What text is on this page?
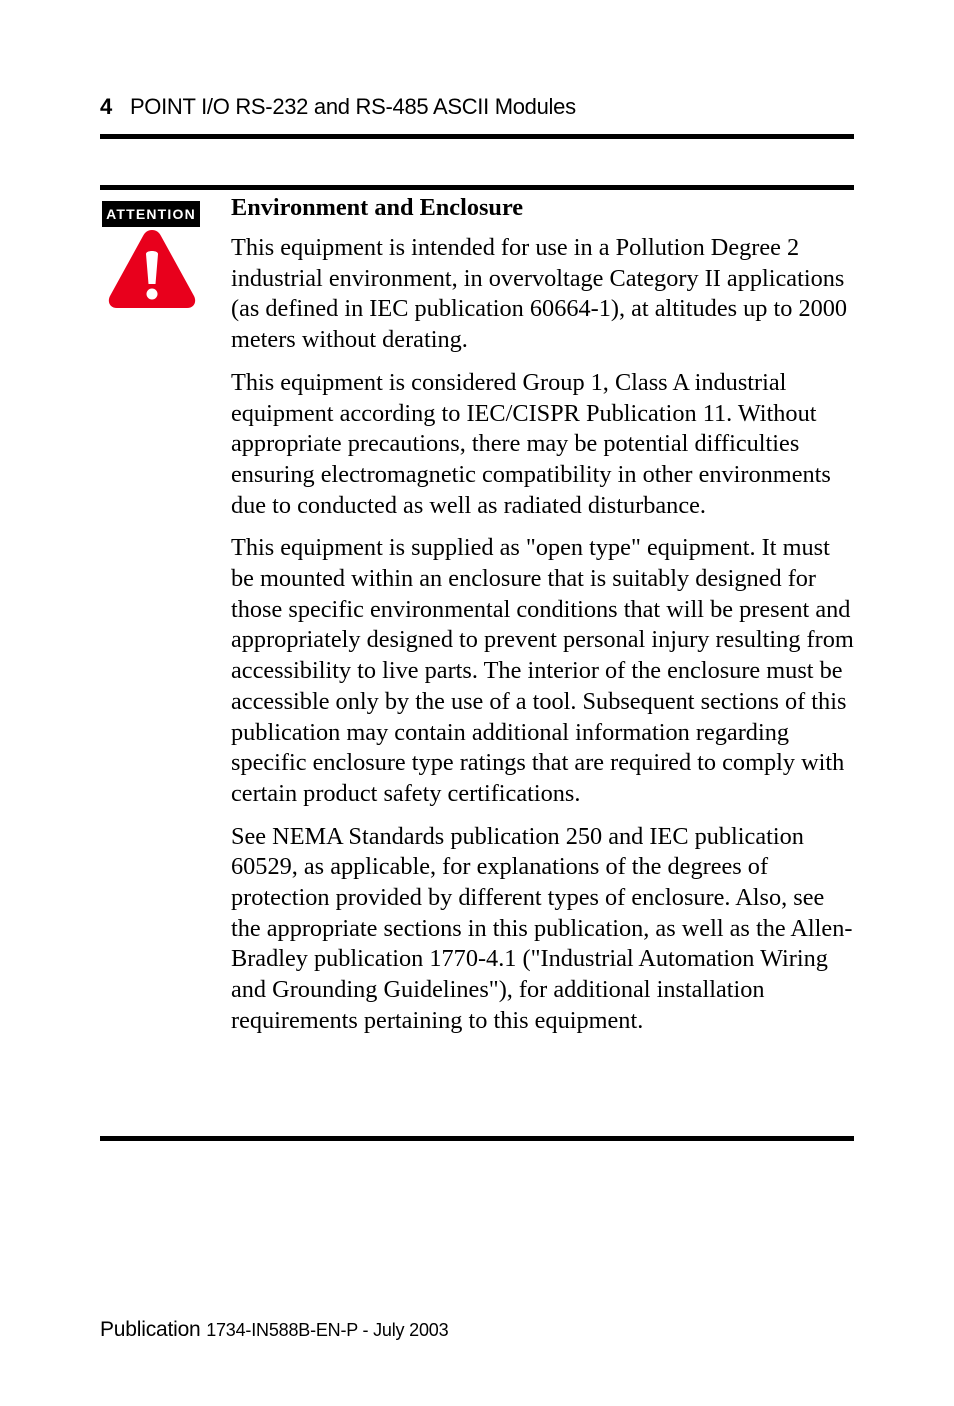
4 POINT I/O RS-232 and RS-485 ASCII Modules
ATTENTION Environment and Enclosure

This equipment is intended for use in a Pollution Degree 2 industrial environment, in overvoltage Category II applications (as defined in IEC publication 60664-1), at altitudes up to 2000 meters without derating.

This equipment is considered Group 1, Class A industrial equipment according to IEC/CISPR Publication 11. Without appropriate precautions, there may be potential difficulties ensuring electromagnetic compatibility in other environments due to conducted as well as radiated disturbance.

This equipment is supplied as "open type" equipment. It must be mounted within an enclosure that is suitably designed for those specific environmental conditions that will be present and appropriately designed to prevent personal injury resulting from accessibility to live parts. The interior of the enclosure must be accessible only by the use of a tool. Subsequent sections of this publication may contain additional information regarding specific enclosure type ratings that are required to comply with certain product safety certifications.

See NEMA Standards publication 250 and IEC publication 60529, as applicable, for explanations of the degrees of protection provided by different types of enclosure. Also, see the appropriate sections in this publication, as well as the Allen-Bradley publication 1770-4.1 ("Industrial Automation Wiring and Grounding Guidelines"), for additional installation requirements pertaining to this equipment.

Publication 1734-IN588B-EN-P - July 2003
